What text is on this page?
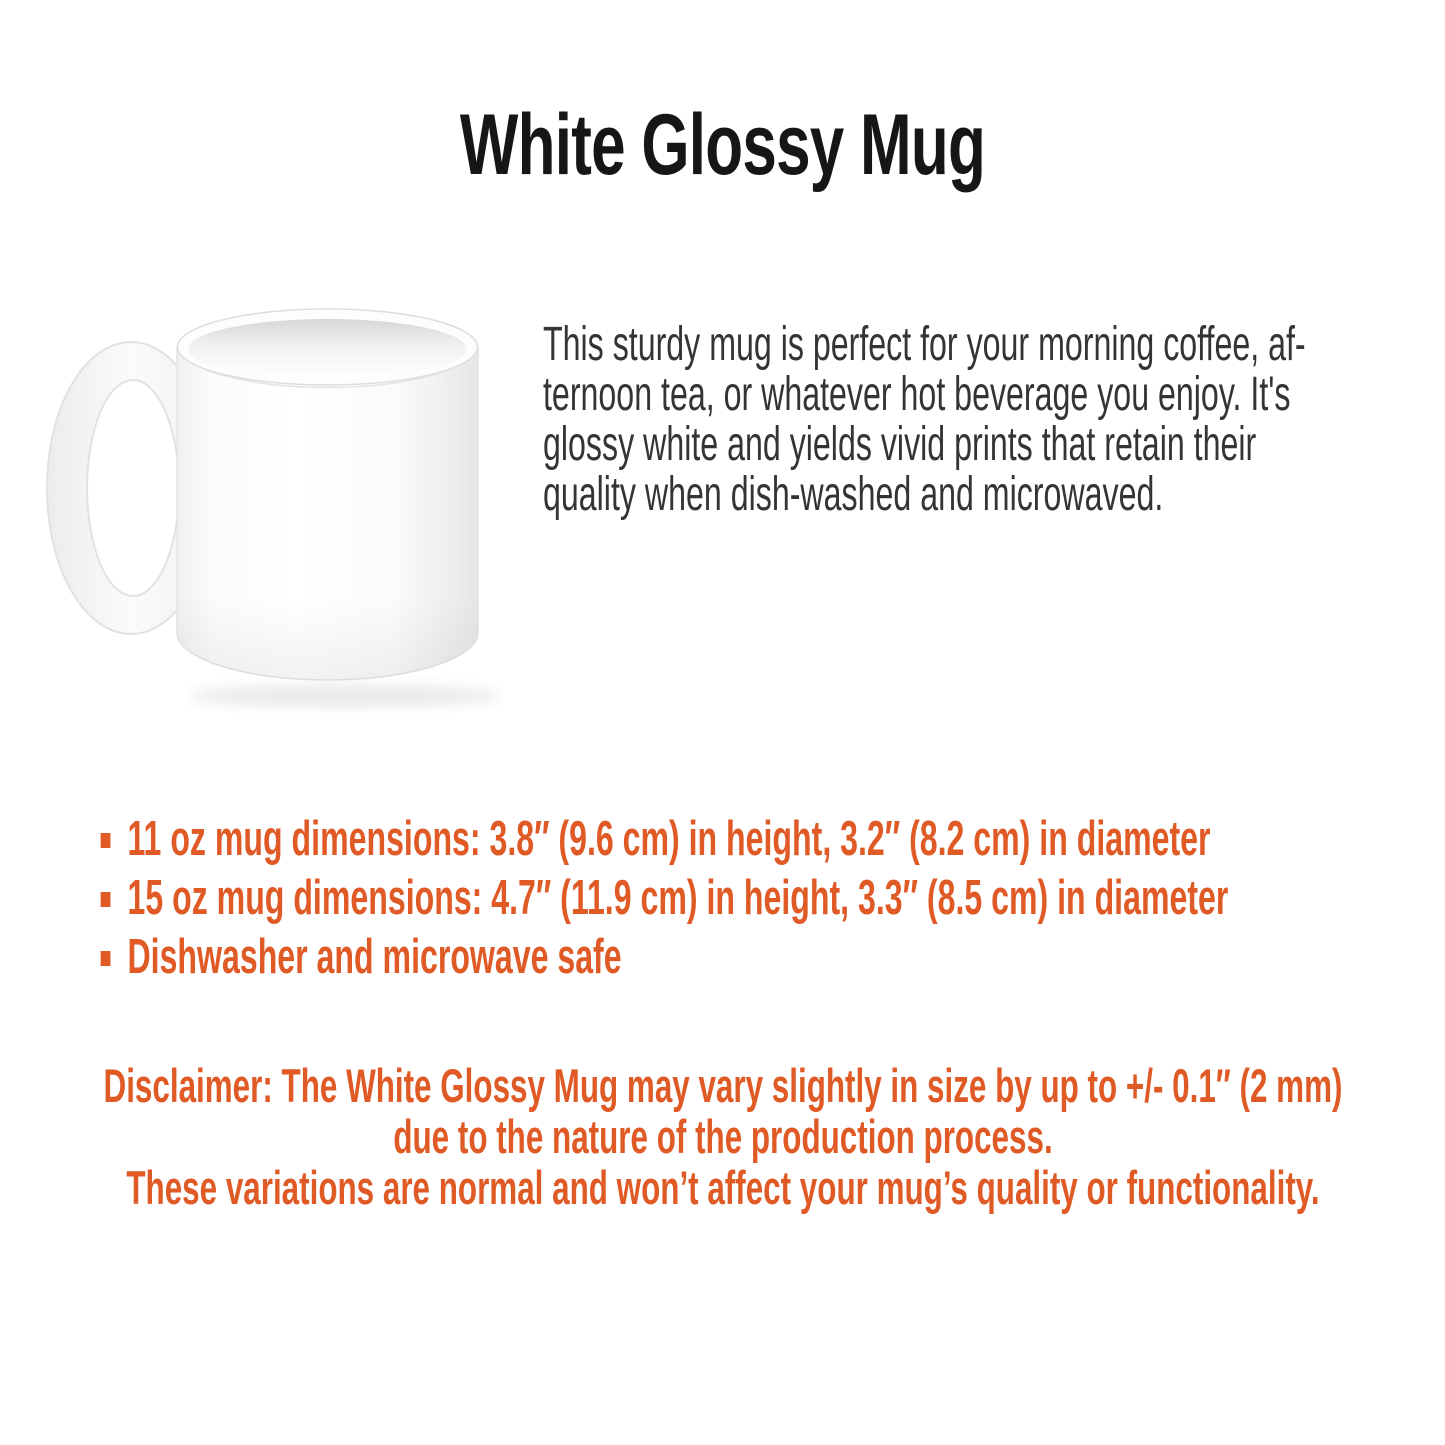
White Glossy Mug
This sturdy mug is perfect for your morning coffee, af-
ternoon tea, or whatever hot beverage you enjoy. It's
glossy white and yields vivid prints that retain their
quality when dish-washed and microwaved.
11 oz mug dimensions: 3.8″ (9.6 cm) in height, 3.2″ (8.2 cm) in diameter
15 oz mug dimensions: 4.7″ (11.9 cm) in height, 3.3″ (8.5 cm) in diameter
Dishwasher and microwave safe
Disclaimer: The White Glossy Mug may vary slightly in size by up to +/- 0.1″ (2 mm)
due to the nature of the production process.
These variations are normal and won’t affect your mug’s quality or functionality.
